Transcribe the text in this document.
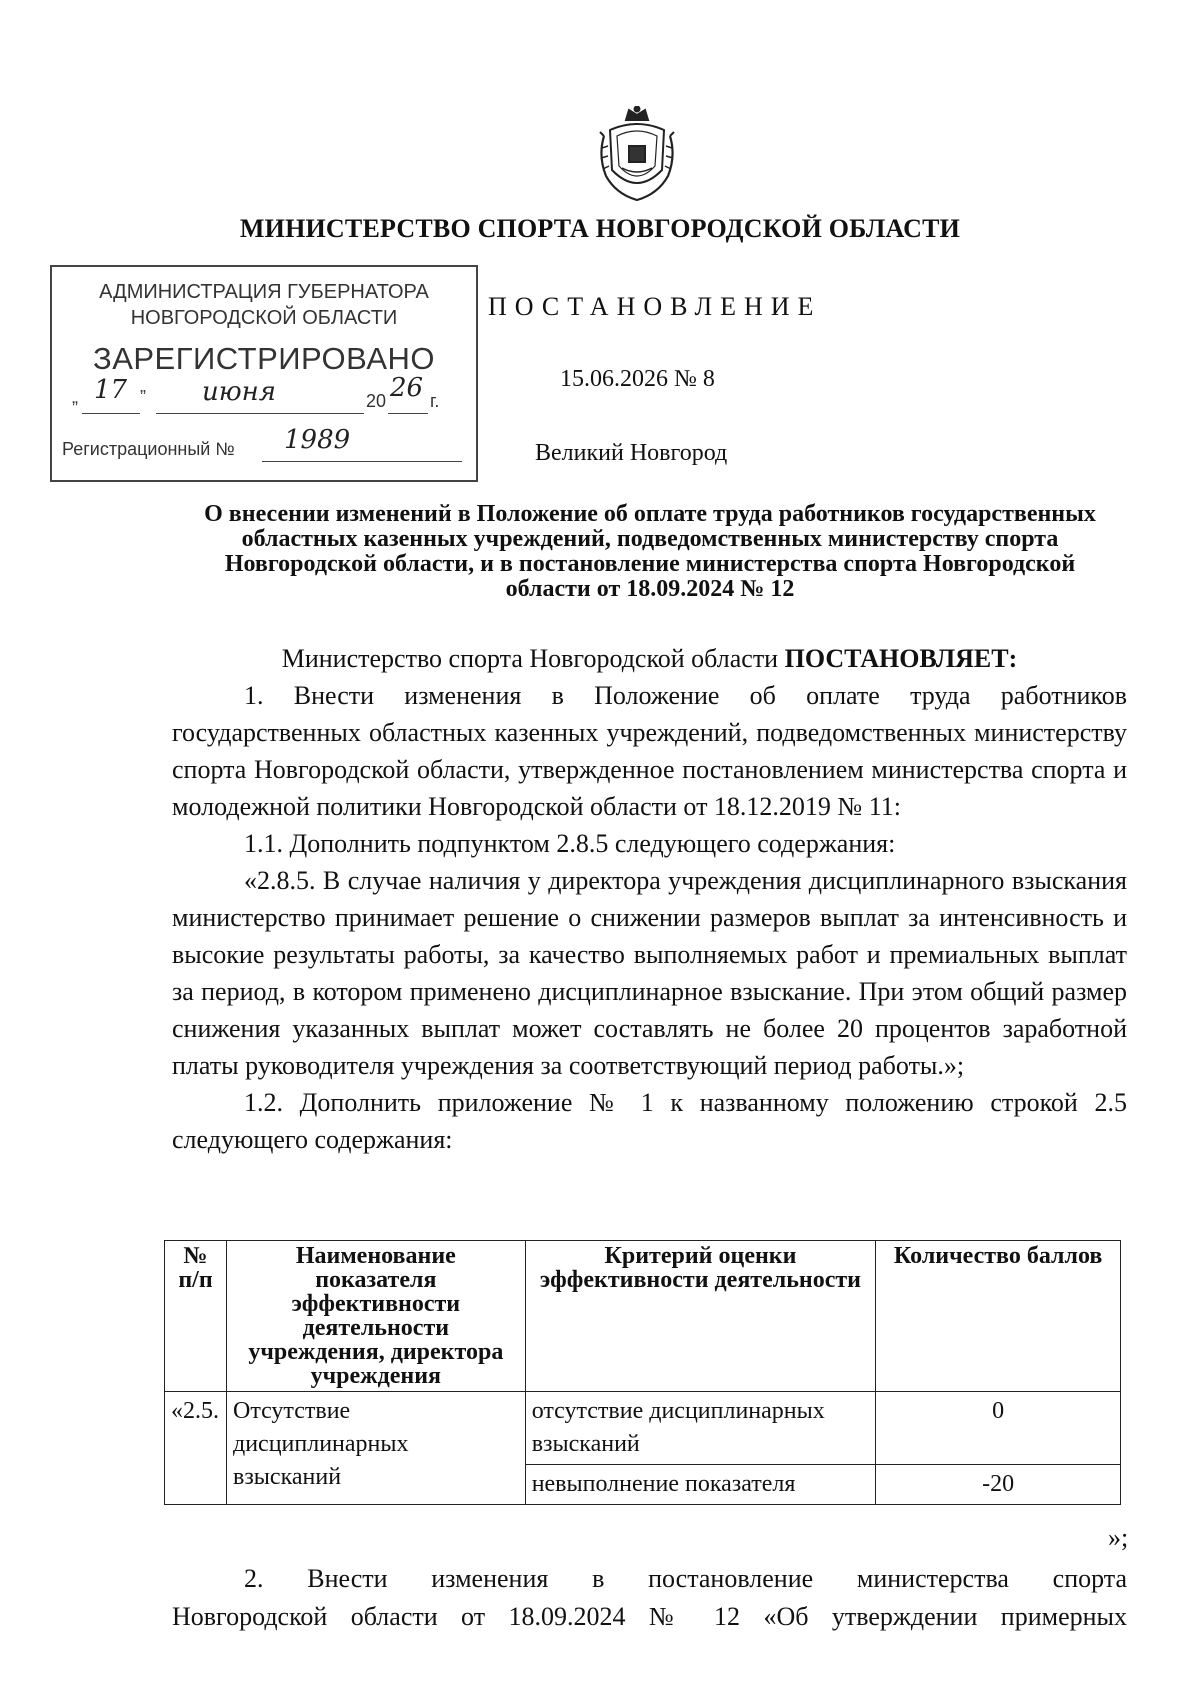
МИНИСТЕРСТВО СПОРТА НОВГОРОДСКОЙ ОБЛАСТИ
АДМИНИСТРАЦИЯ ГУБЕРНАТОРА
НОВГОРОДСКОЙ ОБЛАСТИ
ЗАРЕГИСТРИРОВАНО
„ 17 ” июня	20 26 г.
Регистрационный № 1989
ПОСТАНОВЛЕНИЕ
15.06.2026 № 8
Великий Новгород
О внесении изменений в Положение об оплате труда работников государственных областных казенных учреждений, подведомственных министерству спорта Новгородской области, и в постановление министерства спорта Новгородской области от 18.09.2024 № 12

Министерство спорта Новгородской области ПОСТАНОВЛЯЕТ:

1. Внести изменения в Положение об оплате труда работников государственных областных казенных учреждений, подведомственных министерству спорта Новгородской области, утвержденное постановлением министерства спорта и молодежной политики Новгородской области от 18.12.2019 № 11:

1.1. Дополнить подпунктом 2.8.5 следующего содержания:

«2.8.5. В случае наличия у директора учреждения дисциплинарного взыскания министерство принимает решение о снижении размеров выплат за интенсивность и высокие результаты работы, за качество выполняемых работ и премиальных выплат за период, в котором применено дисциплинарное взыскание. При этом общий размер снижения указанных выплат может составлять не более 20 процентов заработной платы руководителя учреждения за соответствующий период работы.»;

1.2. Дополнить приложение № 1 к названному положению строкой 2.5 следующего содержания:

№ п/п	Наименование показателя эффективности деятельности учреждения, директора учреждения	Критерий оценки эффективности деятельности	Количество баллов
«2.5.	Отсутствие дисциплинарных взысканий	отсутствие дисциплинарных взысканий	0
		невыполнение показателя	-20
»;

2. Внести изменения в постановление министерства спорта

Новгородской области от 18.09.2024 № 12 «Об утверждении примерных
